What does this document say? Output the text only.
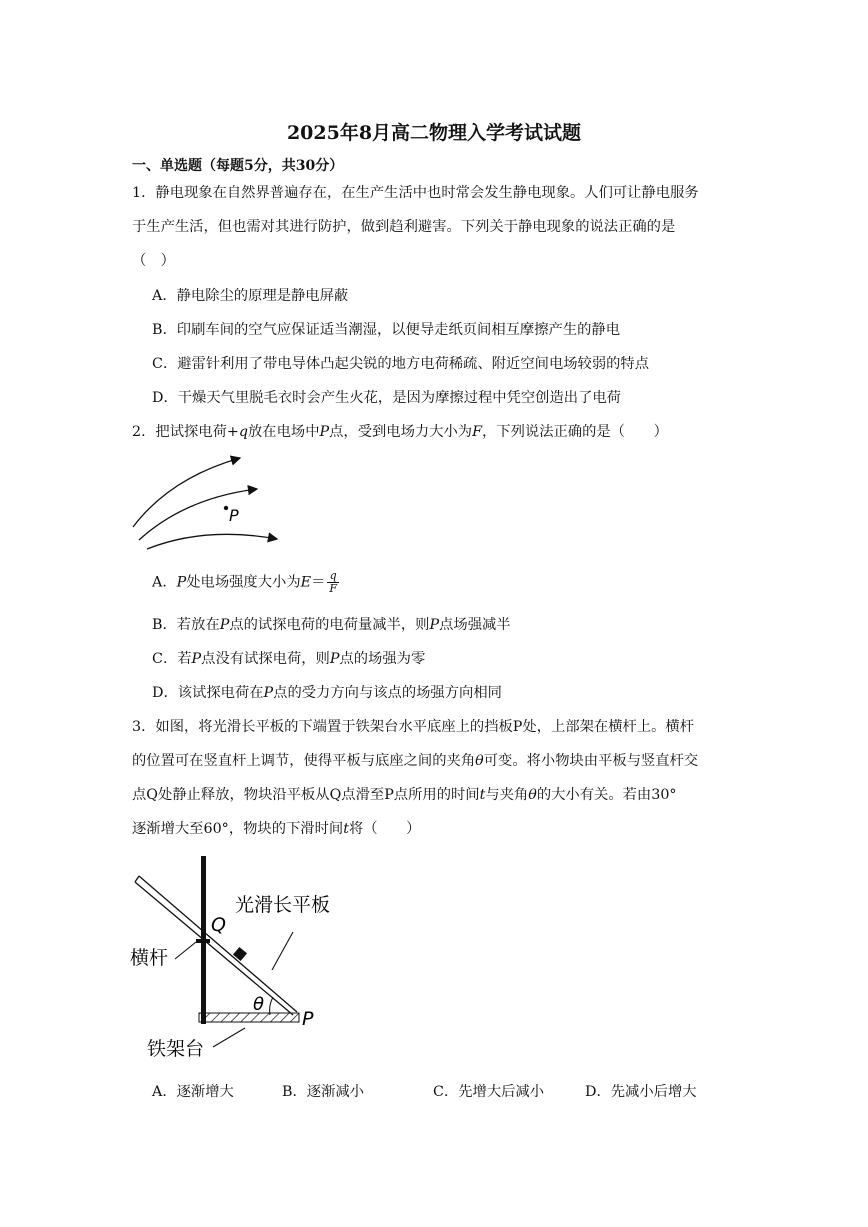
2025年8月高二物理入学考试试题
一、单选题（每题5分，共30分）
1．静电现象在自然界普遍存在，在生产生活中也时常会发生静电现象。人们可让静电服务
于生产生活，但也需对其进行防护，做到趋利避害。下列关于静电现象的说法正确的是
（　）
A．静电除尘的原理是静电屏蔽
B．印刷车间的空气应保证适当潮湿，以便导走纸页间相互摩擦产生的静电
C．避雷针利用了带电导体凸起尖锐的地方电荷稀疏、附近空间电场较弱的特点
D．干燥天气里脱毛衣时会产生火花，是因为摩擦过程中凭空创造出了电荷
2．把试探电荷+q放在电场中P点，受到电场力大小为F，下列说法正确的是（　　）
P
A．P处电场强度大小为$E= \frac{q}{F}$
B．若放在P点的试探电荷的电荷量减半，则P点场强减半
C．若P点没有试探电荷，则P点的场强为零
D．该试探电荷在P点的受力方向与该点的场强方向相同
3．如图，将光滑长平板的下端置于铁架台水平底座上的挡板P处，上部架在横杆上。横杆
的位置可在竖直杆上调节，使得平板与底座之间的夹角θ可变。将小物块由平板与竖直杆交
点Q处静止释放，物块沿平板从Q点滑至P点所用的时间t与夹角θ的大小有关。若由30°
逐渐增大至60°，物块的下滑时间t将（　　）
光滑长平板
横杆
铁架台
Q
P
θ
A．逐渐增大	B．逐渐减小	C．先增大后减小	D．先减小后增大
